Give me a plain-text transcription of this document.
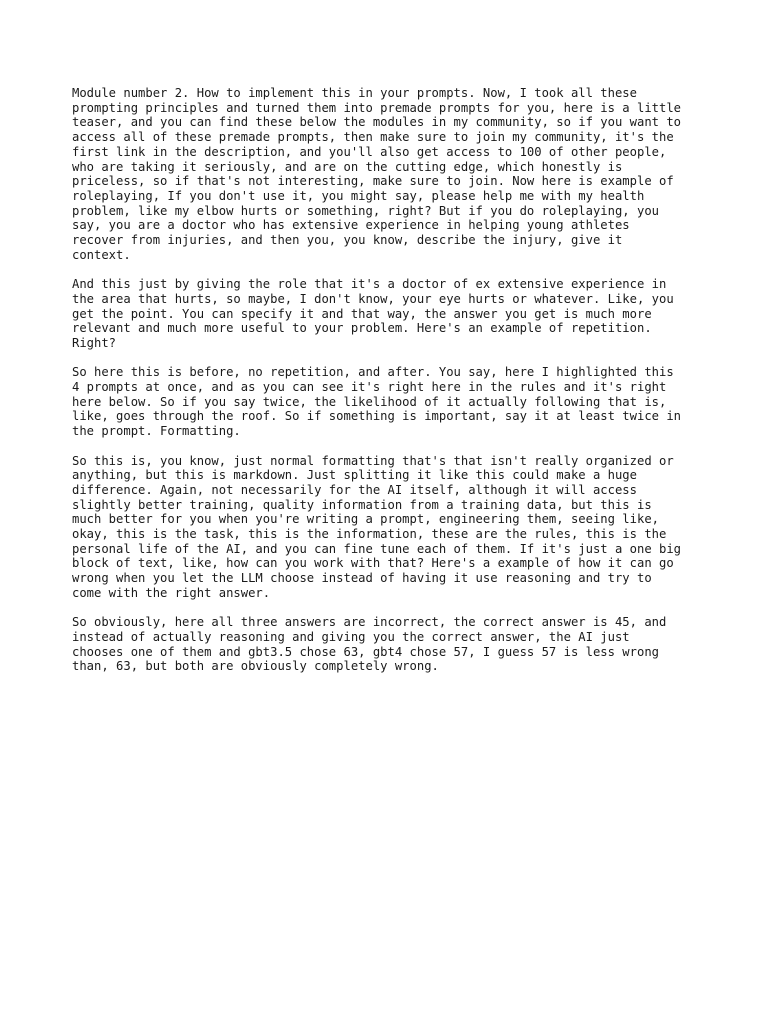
Module number 2. How to implement this in your prompts. Now, I took all these
prompting principles and turned them into premade prompts for you, here is a little
teaser, and you can find these below the modules in my community, so if you want to
access all of these premade prompts, then make sure to join my community, it's the
first link in the description, and you'll also get access to 100 of other people,
who are taking it seriously, and are on the cutting edge, which honestly is
priceless, so if that's not interesting, make sure to join. Now here is example of
roleplaying, If you don't use it, you might say, please help me with my health
problem, like my elbow hurts or something, right? But if you do roleplaying, you
say, you are a doctor who has extensive experience in helping young athletes
recover from injuries, and then you, you know, describe the injury, give it
context.

And this just by giving the role that it's a doctor of ex extensive experience in
the area that hurts, so maybe, I don't know, your eye hurts or whatever. Like, you
get the point. You can specify it and that way, the answer you get is much more
relevant and much more useful to your problem. Here's an example of repetition.
Right?

So here this is before, no repetition, and after. You say, here I highlighted this
4 prompts at once, and as you can see it's right here in the rules and it's right
here below. So if you say twice, the likelihood of it actually following that is,
like, goes through the roof. So if something is important, say it at least twice in
the prompt. Formatting.

So this is, you know, just normal formatting that's that isn't really organized or
anything, but this is markdown. Just splitting it like this could make a huge
difference. Again, not necessarily for the AI itself, although it will access
slightly better training, quality information from a training data, but this is
much better for you when you're writing a prompt, engineering them, seeing like,
okay, this is the task, this is the information, these are the rules, this is the
personal life of the AI, and you can fine tune each of them. If it's just a one big
block of text, like, how can you work with that? Here's a example of how it can go
wrong when you let the LLM choose instead of having it use reasoning and try to
come with the right answer.

So obviously, here all three answers are incorrect, the correct answer is 45, and
instead of actually reasoning and giving you the correct answer, the AI just
chooses one of them and gbt3.5 chose 63, gbt4 chose 57, I guess 57 is less wrong
than, 63, but both are obviously completely wrong.
